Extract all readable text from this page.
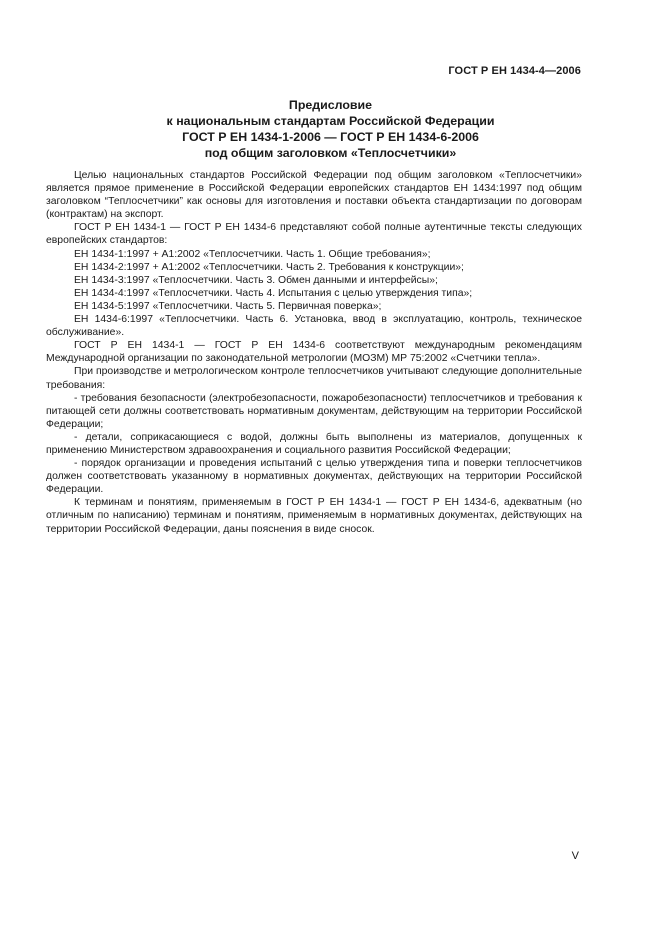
ГОСТ Р ЕН 1434-4—2006
Предисловие
к национальным стандартам Российской Федерации
ГОСТ Р ЕН 1434-1-2006 — ГОСТ Р ЕН 1434-6-2006
под общим заголовком «Теплосчетчики»

Целью национальных стандартов Российской Федерации под общим заголовком «Теплосчетчики» является прямое применение в Российской Федерации европейских стандартов ЕН 1434:1997 под общим заголовком “Теплосчетчики” как основы для изготовления и поставки объекта стандартизации по договорам (контрактам) на экспорт.

ГОСТ Р ЕН 1434-1 — ГОСТ Р ЕН 1434-6 представляют собой полные аутентичные тексты следующих европейских стандартов:

ЕН 1434-1:1997 + А1:2002 «Теплосчетчики. Часть 1. Общие требования»;

ЕН 1434-2:1997 + А1:2002 «Теплосчетчики. Часть 2. Требования к конструкции»;

ЕН 1434-3:1997 «Теплосчетчики. Часть 3. Обмен данными и интерфейсы»;

ЕН 1434-4:1997 «Теплосчетчики. Часть 4. Испытания с целью утверждения типа»;

ЕН 1434-5:1997 «Теплосчетчики. Часть 5. Первичная поверка»;

ЕН 1434-6:1997 «Теплосчетчики. Часть 6. Установка, ввод в эксплуатацию, контроль, техническое обслуживание».

ГОСТ Р ЕН 1434-1 — ГОСТ Р ЕН 1434-6 соответствуют международным рекомендациям Международной организации по законодательной метрологии (МОЗМ) МР 75:2002 «Счетчики тепла».

При производстве и метрологическом контроле теплосчетчиков учитывают следующие дополнительные требования:

- требования безопасности (электробезопасности, пожаробезопасности) теплосчетчиков и требования к питающей сети должны соответствовать нормативным документам, действующим на территории Российской Федерации;

- детали, соприкасающиеся с водой, должны быть выполнены из материалов, допущенных к применению Министерством здравоохранения и социального развития Российской Федерации;

- порядок организации и проведения испытаний с целью утверждения типа и поверки теплосчетчиков должен соответствовать указанному в нормативных документах, действующих на территории Российской Федерации.

К терминам и понятиям, применяемым в ГОСТ Р ЕН 1434-1 — ГОСТ Р ЕН 1434-6, адекватным (но отличным по написанию) терминам и понятиям, применяемым в нормативных документах, действующих на территории Российской Федерации, даны пояснения в виде сносок.

V
